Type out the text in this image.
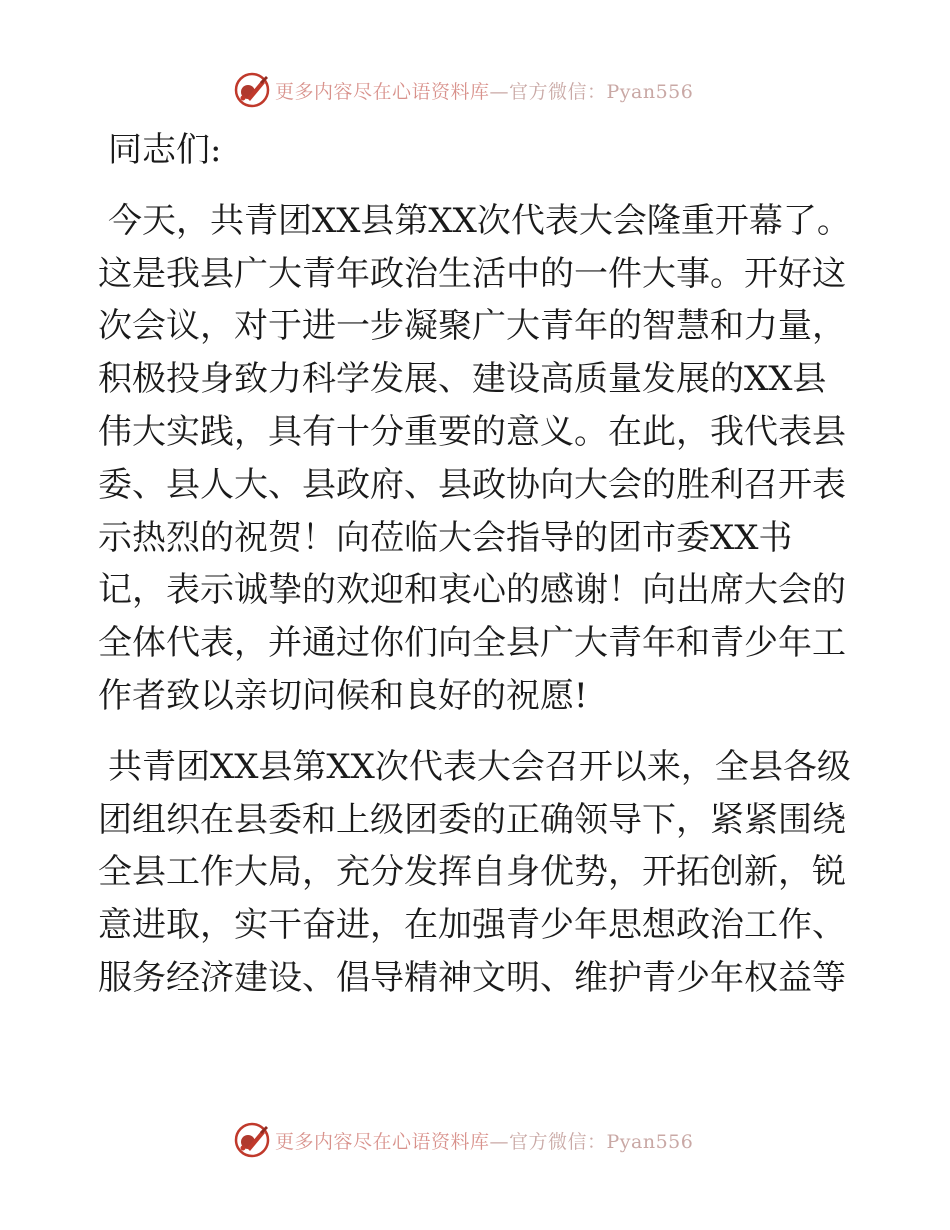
更多内容尽在心语资料库—官方微信：Pyan556

同志们:

今天，共青团XX县第XX次代表大会隆重开幕了。
这是我县广大青年政治生活中的一件大事。开好这
次会议，对于进一步凝聚广大青年的智慧和力量，
积极投身致力科学发展、建设高质量发展的XX县
伟大实践，具有十分重要的意义。在此，我代表县
委、县人大、县政府、县政协向大会的胜利召开表
示热烈的祝贺！向莅临大会指导的团市委XX书
记，表示诚挚的欢迎和衷心的感谢！向出席大会的
全体代表，并通过你们向全县广大青年和青少年工
作者致以亲切问候和良好的祝愿!

共青团XX县第XX次代表大会召开以来，全县各级
团组织在县委和上级团委的正确领导下，紧紧围绕
全县工作大局，充分发挥自身优势，开拓创新，锐
意进取，实干奋进，在加强青少年思想政治工作、
服务经济建设、倡导精神文明、维护青少年权益等

更多内容尽在心语资料库—官方微信：Pyan556
